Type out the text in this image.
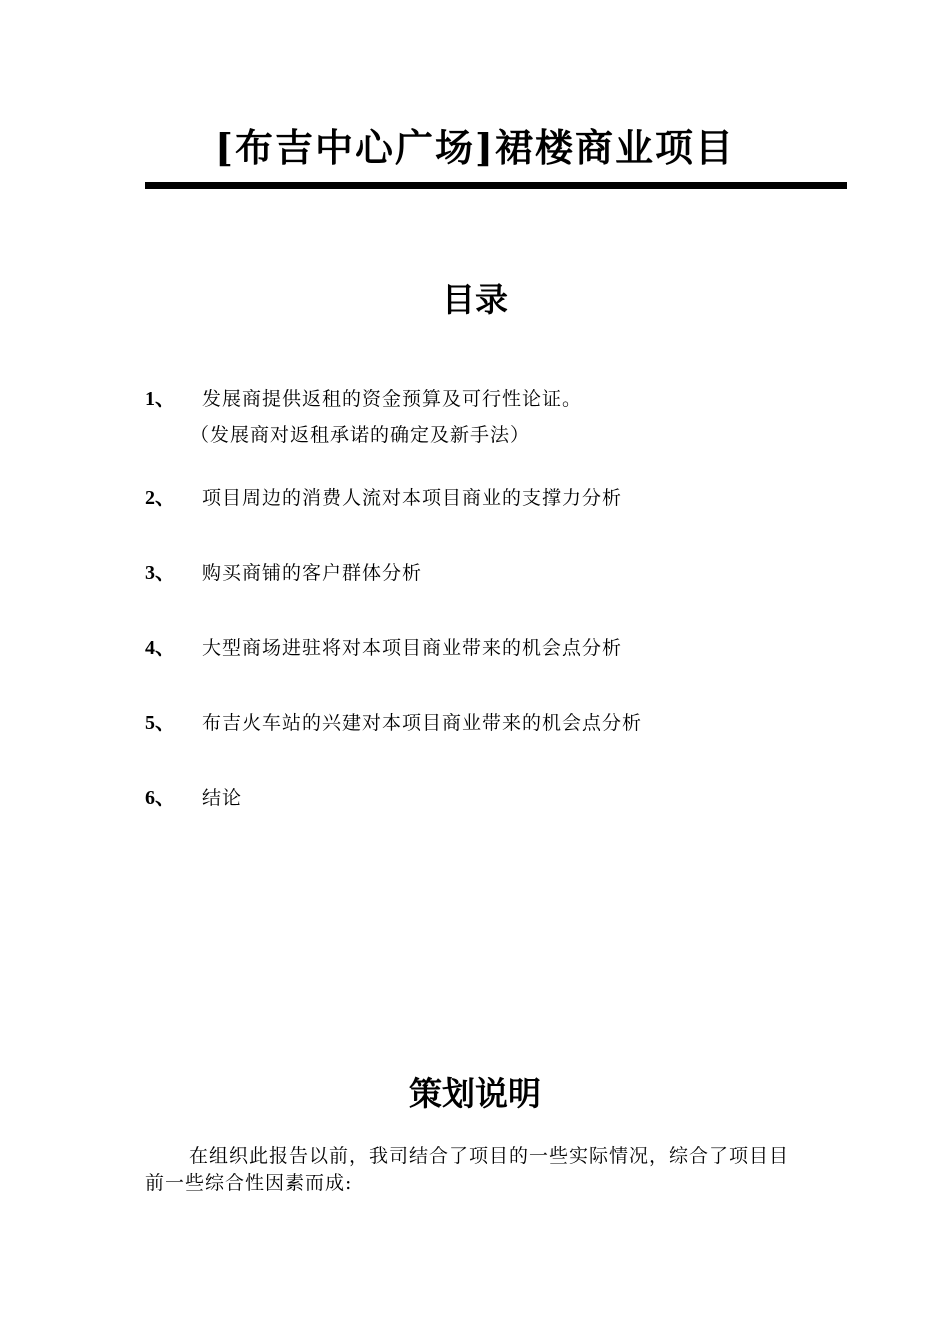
[布吉中心广场]裙楼商业项目
目录
1、 发展商提供返租的资金预算及可行性论证。
（发展商对返租承诺的确定及新手法）
2、 项目周边的消费人流对本项目商业的支撑力分析
3、 购买商铺的客户群体分析
4、 大型商场进驻将对本项目商业带来的机会点分析
5、 布吉火车站的兴建对本项目商业带来的机会点分析
6、 结论
策划说明
在组织此报告以前，我司结合了项目的一些实际情况，综合了项目目前一些综合性因素而成:
